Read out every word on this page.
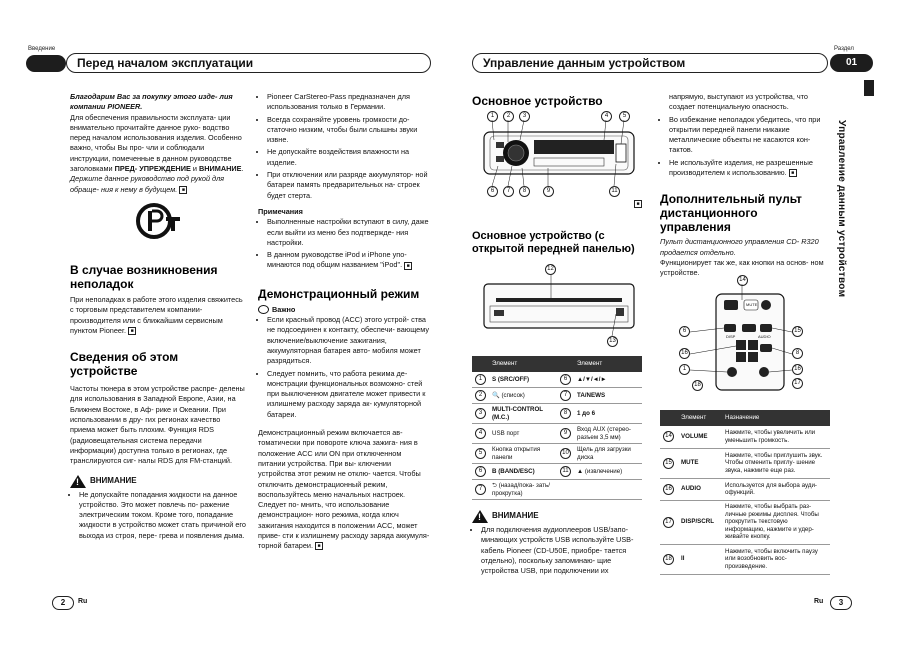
Введение
Перед началом эксплуатации	Управление данным устройством
Раздел
01
Управление данным устройством

Благодарим Вас за покупку этого изде- лия компании PIONEER.

Для обеспечения правильности эксплуата- ции внимательно прочитайте данное руко- водство перед началом использования изделия. Особенно важно, чтобы Вы про- чли и соблюдали инструкции, помеченные в данном руководстве заголовками ПРЕД- УПРЕЖДЕНИЕ и ВНИМАНИЕ. Держите данное руководство под рукой для обраще- ния к нему в будущем. ■

В случае возникновения неполадок

При неполадках в работе этого изделия свяжитесь с торговым представителем компании-производителя или с ближайшим сервисным пунктом Pioneer. ■

Сведения об этом устройстве

Частоты тюнера в этом устройстве распре- делены для использования в Западной Европе, Азии, на Ближнем Востоке, в Аф- рике и Океании. При использовании в дру- гих регионах качество приема может быть плохим. Функция RDS (радиовещательная система передачи информации) доступна только в регионах, где транслируются сиг- налы RDS для FM-станций.

! ВНИМАНИЕ
• Не допускайте попадания жидкости на данное устройство. Это может повлечь по- ражение электрическим током. Кроме того, попадание жидкости в устройство может стать причиной его выхода из строя, пере- грева и появления дыма.
• Pioneer CarStereo-Pass предназначен для использования только в Германии.
• Всегда сохраняйте уровень громкости до- статочно низким, чтобы были слышны звуки извне.
• Не допускайте воздействия влажности на изделие.
• При отключении или разряде аккумулятор- ной батареи память предварительных на- строек будет стерта.
Примечания
• Выполненные настройки вступают в силу, даже если выйти из меню без подтвержде- ния настройки.
• В данном руководстве iPod и iPhone упо- минаются под общим названием "iPod". ■
Демонстрационный режим
Важно
• Если красный провод (ACC) этого устрой- ства не подсоединен к контакту, обеспечи- вающему включение/выключение зажигания, аккумуляторная батарея авто- мобиля может разрядиться.
• Следует помнить, что работа режима де- монстрации функциональных возможно- стей при выключенном двигателе может привести к излишнему расходу заряда ак- кумуляторной батареи.

Демонстрационный режим включается ав- томатически при повороте ключа зажига- ния в положение ACC или ON при отключенном питании устройства. При вы- ключении устройства этот режим не отклю- чается. Чтобы отключить демонстрационный режим, воспользуйтесь меню начальных настроек. Следует по- мнить, что использование демонстрацион- ного режима, когда ключ зажигания находится в положении ACC, может приве- сти к излишнему расходу заряда аккумуля- торной батареи. ■

Основное устройство
1	2	3	4	5
6	7	8	9	11
■
Основное устройство (с открытой передней панелью)
12
13
	Элемент		Элемент
1	S (SRC/OFF)	6	▲/▼/◄/►
2	🔍 (список)	7	TA/NEWS
3	MULTI-CONTROL (M.C.)	8	1 до 6
4	USB порт	9	Вход AUX (стерео- разъем 3,5 мм)
5	Кнопка открытия панели	10	Щель для загрузки диска
6	B (BAND/ESC)	11	▲ (извлечение)
7	⮌ (назад/пока- зать/прокрутка)		
! ВНИМАНИЕ
• Для подключения аудиоплееров USB/запо- минающих устройств USB используйте USB-кабель Pioneer (CD-U50E, приобре- тается отдельно), поскольку запоминаю- щие устройства USB, при подключении их

напрямую, выступают из устройства, что создает потенциальную опасность.

• Во избежание неполадок убедитесь, что при открытии передней панели никакие металлические объекты не касаются кон- тактов.
• Не используйте изделия, не разрешенные производителем к использованию. ■
Дополнительный пульт дистанционного управления

Пульт дистанционного управления CD- R320 продается отдельно.

Функционирует так же, как кнопки на основ- ном устройстве.

MUTE
DISP	AUDIO
14
6	15
16	8
16
1
17
18
	Элемент	Назначение
14	VOLUME	Нажмите, чтобы увеличить или уменьшить громкость.
15	MUTE	Нажмите, чтобы приглушить звук. Чтобы отменить приглу- шение звука, нажмите еще раз.
16	AUDIO	Используется для выбора ауди- офункций.
17	DISP/SCRL	Нажмите, чтобы выбрать раз- личные режимы дисплея. Чтобы прокрутить текстовую информацию, нажмите и удер- живайте кнопку.
18	II	Нажмите, чтобы включить паузу или возобновить вос- произведение.
2	Ru	Ru	3
